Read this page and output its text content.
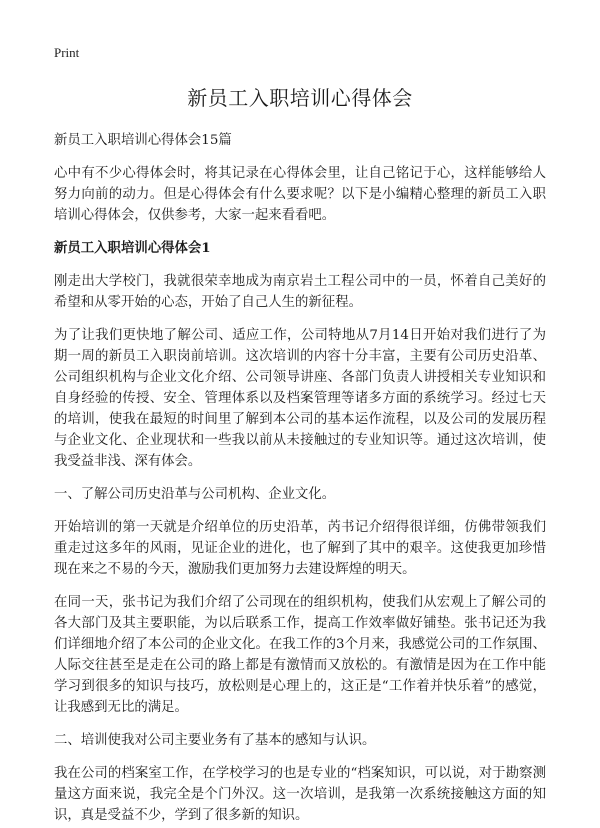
Print
新员工入职培训心得体会

新员工入职培训心得体会15篇

心中有不少心得体会时，将其记录在心得体会里，让自己铭记于心，这样能够给人努力向前的动力。但是心得体会有什么要求呢？以下是小编精心整理的新员工入职培训心得体会，仅供参考，大家一起来看看吧。

新员工入职培训心得体会1

刚走出大学校门，我就很荣幸地成为南京岩土工程公司中的一员，怀着自己美好的希望和从零开始的心态，开始了自己人生的新征程。

为了让我们更快地了解公司、适应工作，公司特地从7月14日开始对我们进行了为期一周的新员工入职岗前培训。这次培训的内容十分丰富，主要有公司历史沿革、公司组织机构与企业文化介绍、公司领导讲座、各部门负责人讲授相关专业知识和自身经验的传授、安全、管理体系以及档案管理等诸多方面的系统学习。经过七天的培训，使我在最短的时间里了解到本公司的基本运作流程，以及公司的发展历程与企业文化、企业现状和一些我以前从未接触过的专业知识等。通过这次培训，使我受益非浅、深有体会。

一、了解公司历史沿革与公司机构、企业文化。

开始培训的第一天就是介绍单位的历史沿革，芮书记介绍得很详细，仿佛带领我们重走过这多年的风雨，见证企业的进化，也了解到了其中的艰辛。这使我更加珍惜现在来之不易的今天，激励我们更加努力去建设辉煌的明天。

在同一天，张书记为我们介绍了公司现在的组织机构，使我们从宏观上了解公司的各大部门及其主要职能，为以后联系工作，提高工作效率做好铺垫。张书记还为我们详细地介绍了本公司的企业文化。在我工作的3个月来，我感觉公司的工作氛围、人际交往甚至是走在公司的路上都是有激情而又放松的。有激情是因为在工作中能学习到很多的知识与技巧，放松则是心理上的，这正是“工作着并快乐着”的感觉，让我感到无比的满足。

二、培训使我对公司主要业务有了基本的感知与认识。

我在公司的档案室工作，在学校学习的也是专业的“档案知识，可以说，对于勘察测量这方面来说，我完全是个门外汉。这一次培训，是我第一次系统接触这方面的知识，真是受益不少，学到了很多新的知识。
